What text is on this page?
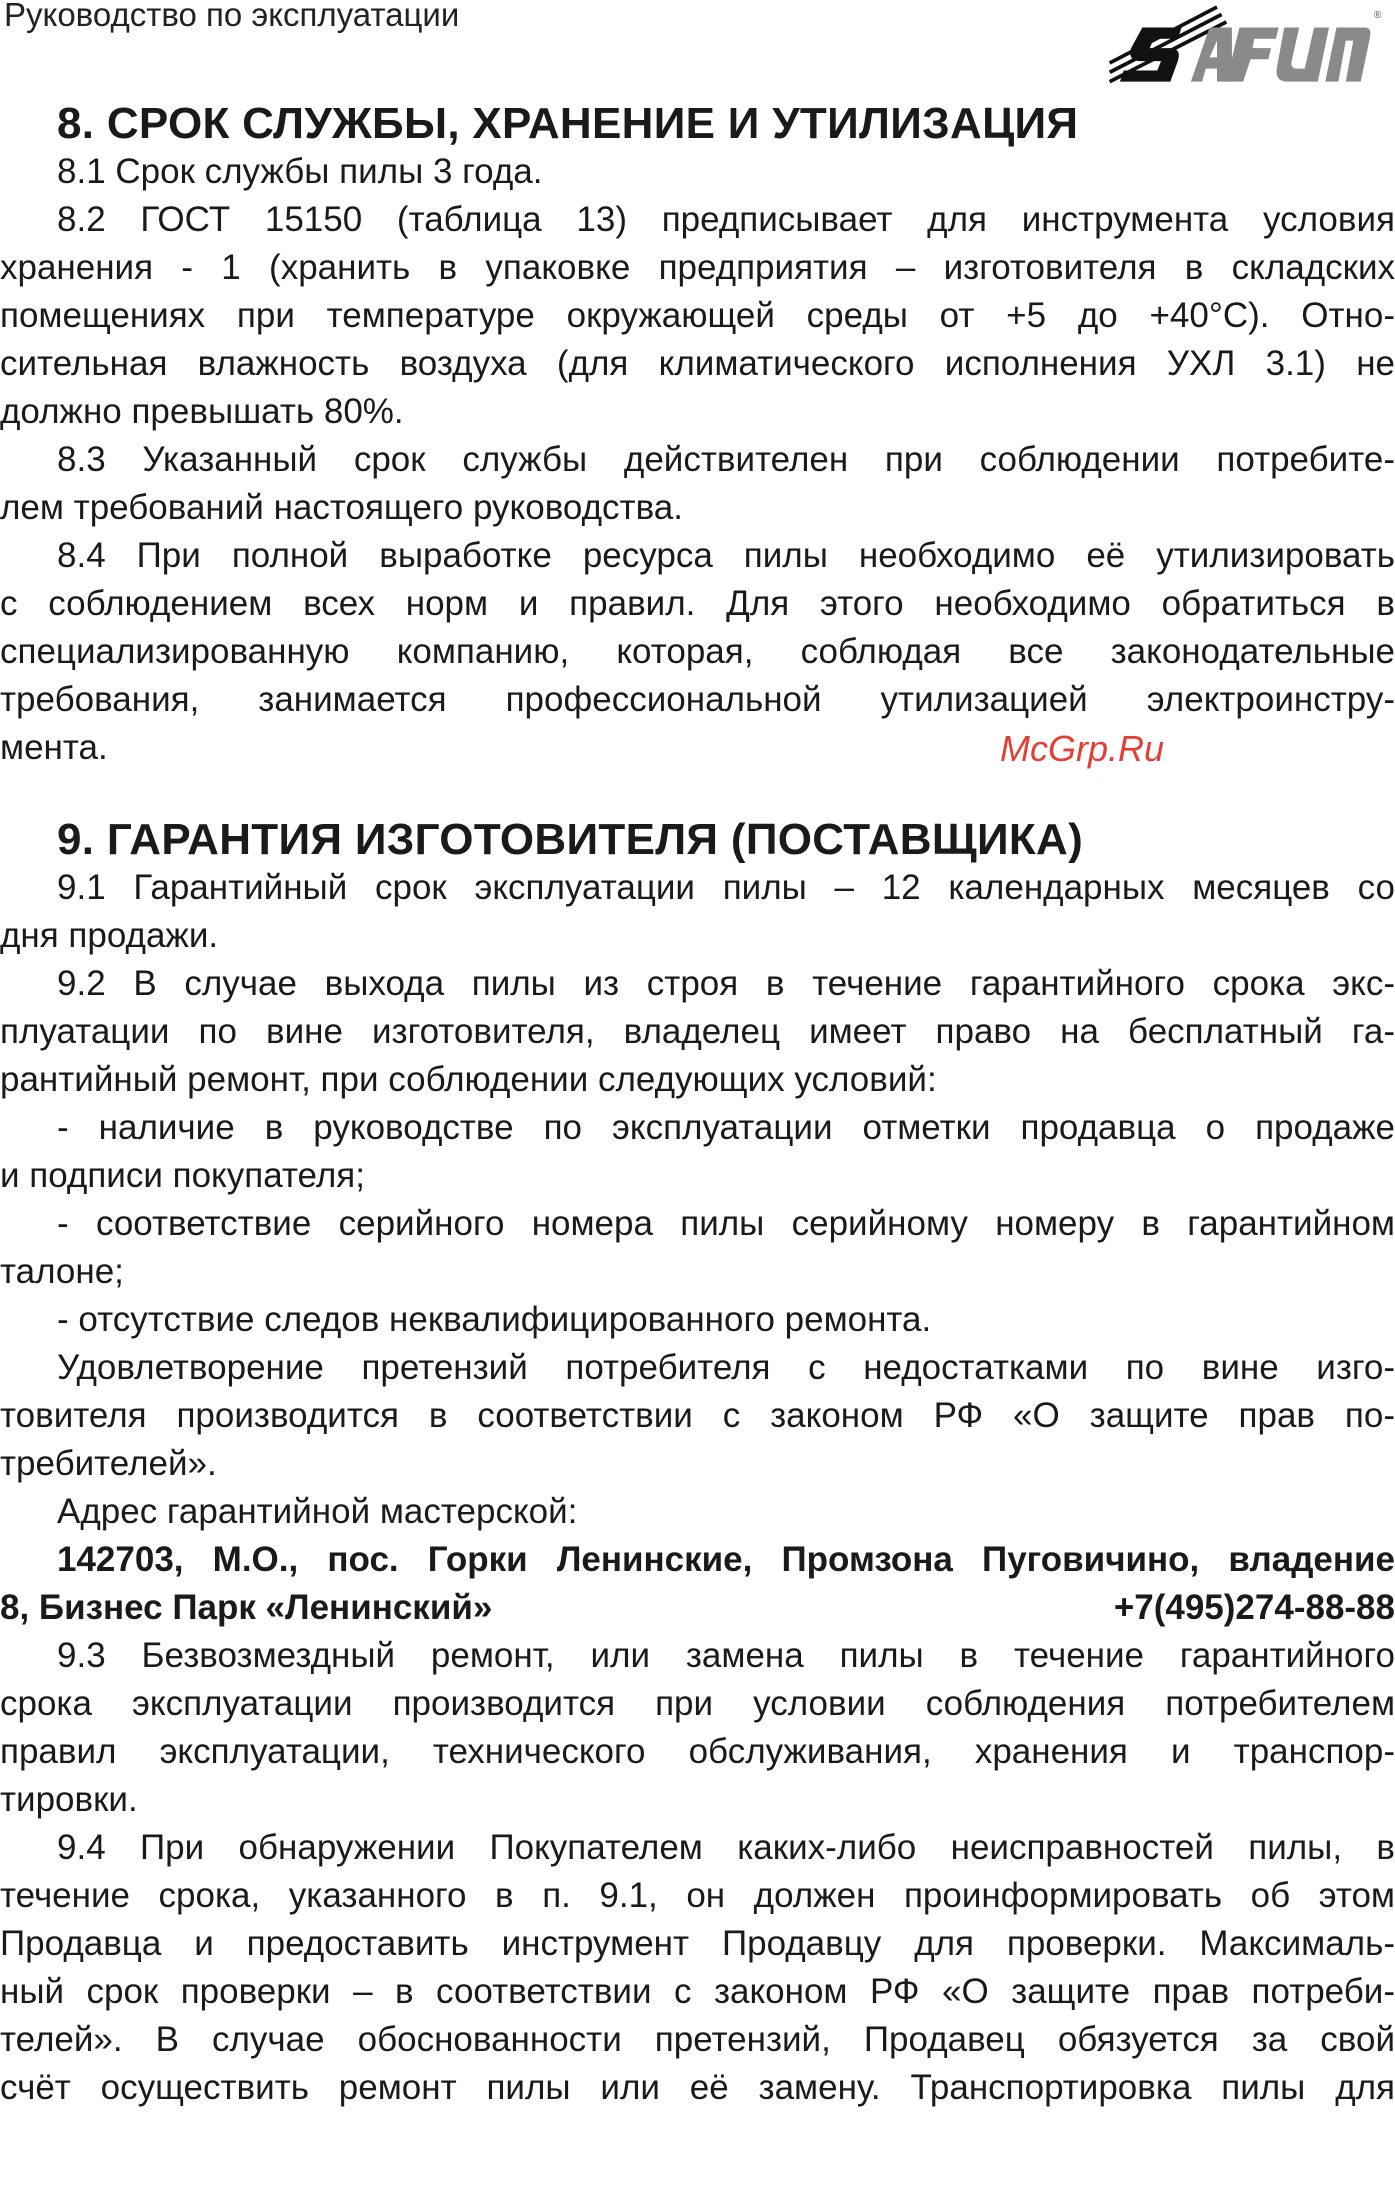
Руководство по эксплуатации	®
8. СРОК СЛУЖБЫ, ХРАНЕНИЕ И УТИЛИЗАЦИЯ
8.1 Срок службы пилы 3 года.
8.2 ГОСТ 15150 (таблица 13) предписывает для инструмента условия
хранения - 1 (хранить в упаковке предприятия – изготовителя в складских
помещениях при температуре окружающей среды от +5 до +40°С). Отно-
сительная влажность воздуха (для климатического исполнения УХЛ 3.1) не
должно превышать 80%.
8.3 Указанный срок службы действителен при соблюдении потребите-
лем требований настоящего руководства.
8.4 При полной выработке ресурса пилы необходимо её утилизировать
с соблюдением всех норм и правил. Для этого необходимо обратиться в
специализированную компанию, которая, соблюдая все законодательные
требования, занимается профессиональной утилизацией электроинстру-
мента.
9. ГАРАНТИЯ ИЗГОТОВИТЕЛЯ (ПОСТАВЩИКА)
9.1 Гарантийный срок эксплуатации пилы – 12 календарных месяцев со
дня продажи.
9.2 В случае выхода пилы из строя в течение гарантийного срока экс-
плуатации по вине изготовителя, владелец имеет право на бесплатный га-
рантийный ремонт, при соблюдении следующих условий:
- наличие в руководстве по эксплуатации отметки продавца о продаже
и подписи покупателя;
- соответствие серийного номера пилы серийному номеру в гарантийном
талоне;
- отсутствие следов неквалифицированного ремонта.
Удовлетворение претензий потребителя с недостатками по вине изго-
товителя производится в соответствии с законом РФ «О защите прав по-
требителей».
Адрес гарантийной мастерской:
142703, М.О., пос. Горки Ленинские, Промзона Пуговичино, владение
8, Бизнес Парк «Ленинский»	+7(495)274-88-88
9.3 Безвозмездный ремонт, или замена пилы в течение гарантийного
срока эксплуатации производится при условии соблюдения потребителем
правил эксплуатации, технического обслуживания, хранения и транспор-
тировки.
9.4 При обнаружении Покупателем каких-либо неисправностей пилы, в
течение срока, указанного в п. 9.1, он должен проинформировать об этом
Продавца и предоставить инструмент Продавцу для проверки. Максималь-
ный срок проверки – в соответствии с законом РФ «О защите прав потреби-
телей». В случае обоснованности претензий, Продавец обязуется за свой
счёт осуществить ремонт пилы или её замену. Транспортировка пилы для
McGrp.Ru
